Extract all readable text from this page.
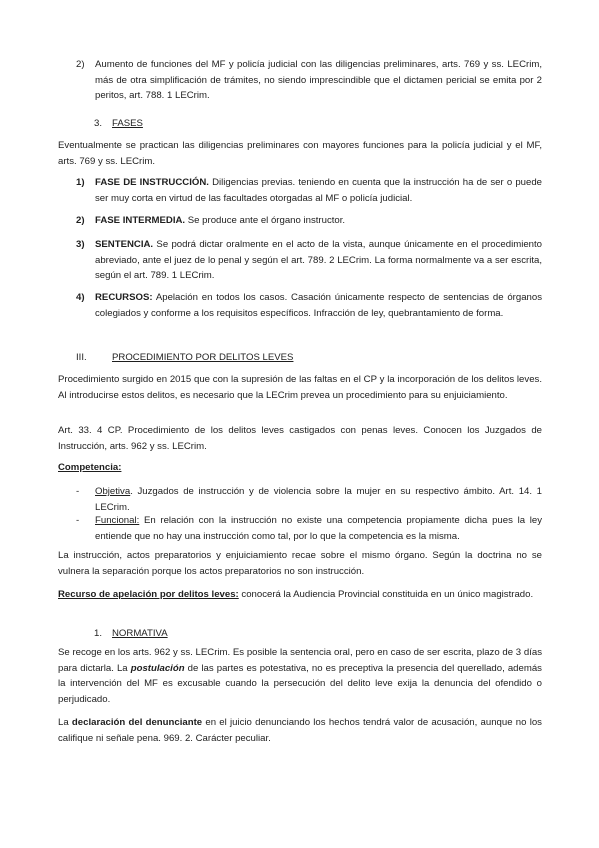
2) Aumento de funciones del MF y policía judicial con las diligencias preliminares, arts. 769 y ss. LECrim, más de otra simplificación de trámites, no siendo imprescindible que el dictamen pericial se emita por 2 peritos, art. 788. 1 LECrim.

3. FASES

Eventualmente se practican las diligencias preliminares con mayores funciones para la policía judicial y el MF, arts. 769 y ss. LECrim.

1) FASE DE INSTRUCCIÓN. Diligencias previas. teniendo en cuenta que la instrucción ha de ser o puede ser muy corta en virtud de las facultades otorgadas al MF o policía judicial.

2) FASE INTERMEDIA. Se produce ante el órgano instructor.

3) SENTENCIA. Se podrá dictar oralmente en el acto de la vista, aunque únicamente en el procedimiento abreviado, ante el juez de lo penal y según el art. 789. 2 LECrim. La forma normalmente va a ser escrita, según el art. 789. 1 LECrim.

4) RECURSOS: Apelación en todos los casos. Casación únicamente respecto de sentencias de órganos colegiados y conforme a los requisitos específicos. Infracción de ley, quebrantamiento de forma.

III.	PROCEDIMIENTO POR DELITOS LEVES

Procedimiento surgido en 2015 que con la supresión de las faltas en el CP y la incorporación de los delitos leves. Al introducirse estos delitos, es necesario que la LECrim prevea un procedimiento para su enjuiciamiento.

Art. 33. 4 CP. Procedimiento de los delitos leves castigados con penas leves. Conocen los Juzgados de Instrucción, arts. 962 y ss. LECrim.

Competencia:
- Objetiva. Juzgados de instrucción y de violencia sobre la mujer en su respectivo ámbito. Art. 14. 1 LECrim.

- Funcional: En relación con la instrucción no existe una competencia propiamente dicha pues la ley entiende que no hay una instrucción como tal, por lo que la competencia es la misma.

La instrucción, actos preparatorios y enjuiciamiento recae sobre el mismo órgano. Según la doctrina no se vulnera la separación porque los actos preparatorios no son instrucción.

Recurso de apelación por delitos leves: conocerá la Audiencia Provincial constituida en un único magistrado.

1. NORMATIVA

Se recoge en los arts. 962 y ss. LECrim. Es posible la sentencia oral, pero en caso de ser escrita, plazo de 3 días para dictarla. La postulación de las partes es potestativa, no es preceptiva la presencia del querellado, además la intervención del MF es excusable cuando la persecución del delito leve exija la denuncia del ofendido o perjudicado.

La declaración del denunciante en el juicio denunciando los hechos tendrá valor de acusación, aunque no los califique ni señale pena. 969. 2. Carácter peculiar.
